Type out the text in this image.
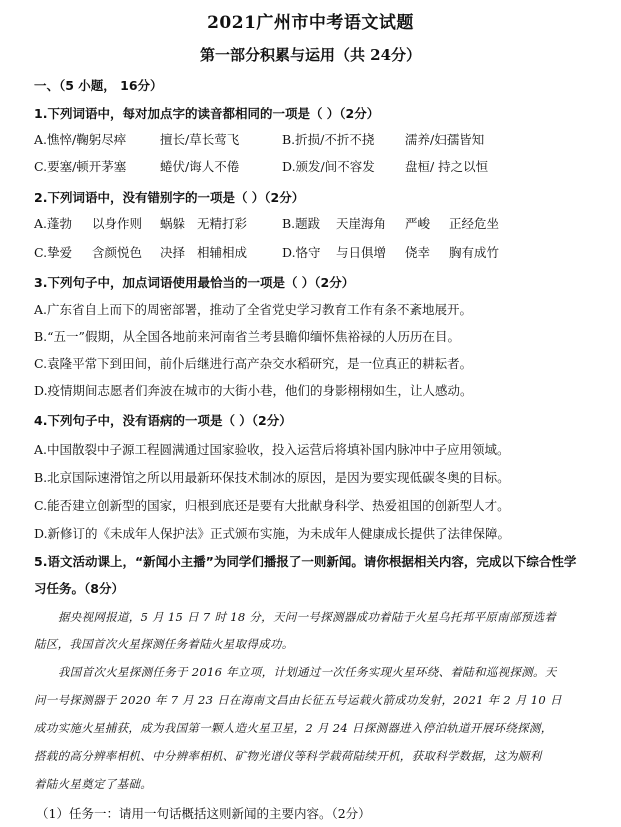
2021广州市中考语文试题
第一部分积累与运用（共 24分）
一、（5 小题， 16分）
1.下列词语中，每对加点字的读音都相同的一项是（ ）（2分）
A.憔悴/鞠躬尽瘁	擅长/草长莺飞	B.折损/不折不挠 濡养/妇孺皆知
C.要塞/顿开茅塞	蜷伏/诲人不倦	D.颁发/间不容发 盘桓/ 持之以恒
2.下列词语中，没有错别字的一项是（ ）（2分）
A.蓬勃 以身作则 蜗躲 无精打彩	B.题跋 天崖海角 严峻 正经危坐
C.挚爱 含颜悦色 决择 相辅相成	D.恪守 与日俱增 侥幸 胸有成竹
3.下列句子中，加点词语使用最恰当的一项是（ ）（2分）
A.广东省自上而下的周密部署，推动了全省党史学习教育工作有条不紊地展开。
B.“五一”假期，从全国各地前来河南省兰考县瞻仰缅怀焦裕禄的人历历在目。
C.袁隆平常下到田间，前仆后继进行高产杂交水稻研究，是一位真正的耕耘者。
D.疫情期间志愿者们奔波在城市的大街小巷，他们的身影栩栩如生，让人感动。
4.下列句子中，没有语病的一项是（ ）（2分）
A.中国散裂中子源工程圆满通过国家验收，投入运营后将填补国内脉冲中子应用领域。
B.北京国际速滑馆之所以用最新环保技术制冰的原因，是因为要实现低碳冬奥的目标。
C.能否建立创新型的国家，归根到底还是要有大批献身科学、热爱祖国的创新型人才。
D.新修订的《未成年人保护法》正式颁布实施，为未成年人健康成长提供了法律保障。
5.语文活动课上，“新闻小主播”为同学们播报了一则新闻。请你根据相关内容，完成以下综合性学
习任务。（8分）
据央视网报道，5 月 15 日 7 时 18 分，天问一号探测器成功着陆于火星乌托邦平原南部预选着
陆区，我国首次火星探测任务着陆火星取得成功。
我国首次火星探测任务于 2016 年立项，计划通过一次任务实现火星环绕、着陆和巡视探测。天
问一号探测器于 2020 年 7 月 23 日在海南文昌由长征五号运载火箭成功发射，2021 年 2 月 10 日
成功实施火星捕获，成为我国第一颗人造火星卫星，2 月 24 日探测器进入停泊轨道开展环绕探测，
搭载的高分辨率相机、中分辨率相机、矿物光谱仪等科学载荷陆续开机，获取科学数据，这为顺利
着陆火星奠定了基础。
（1）任务一：请用一句话概括这则新闻的主要内容。（2分）
